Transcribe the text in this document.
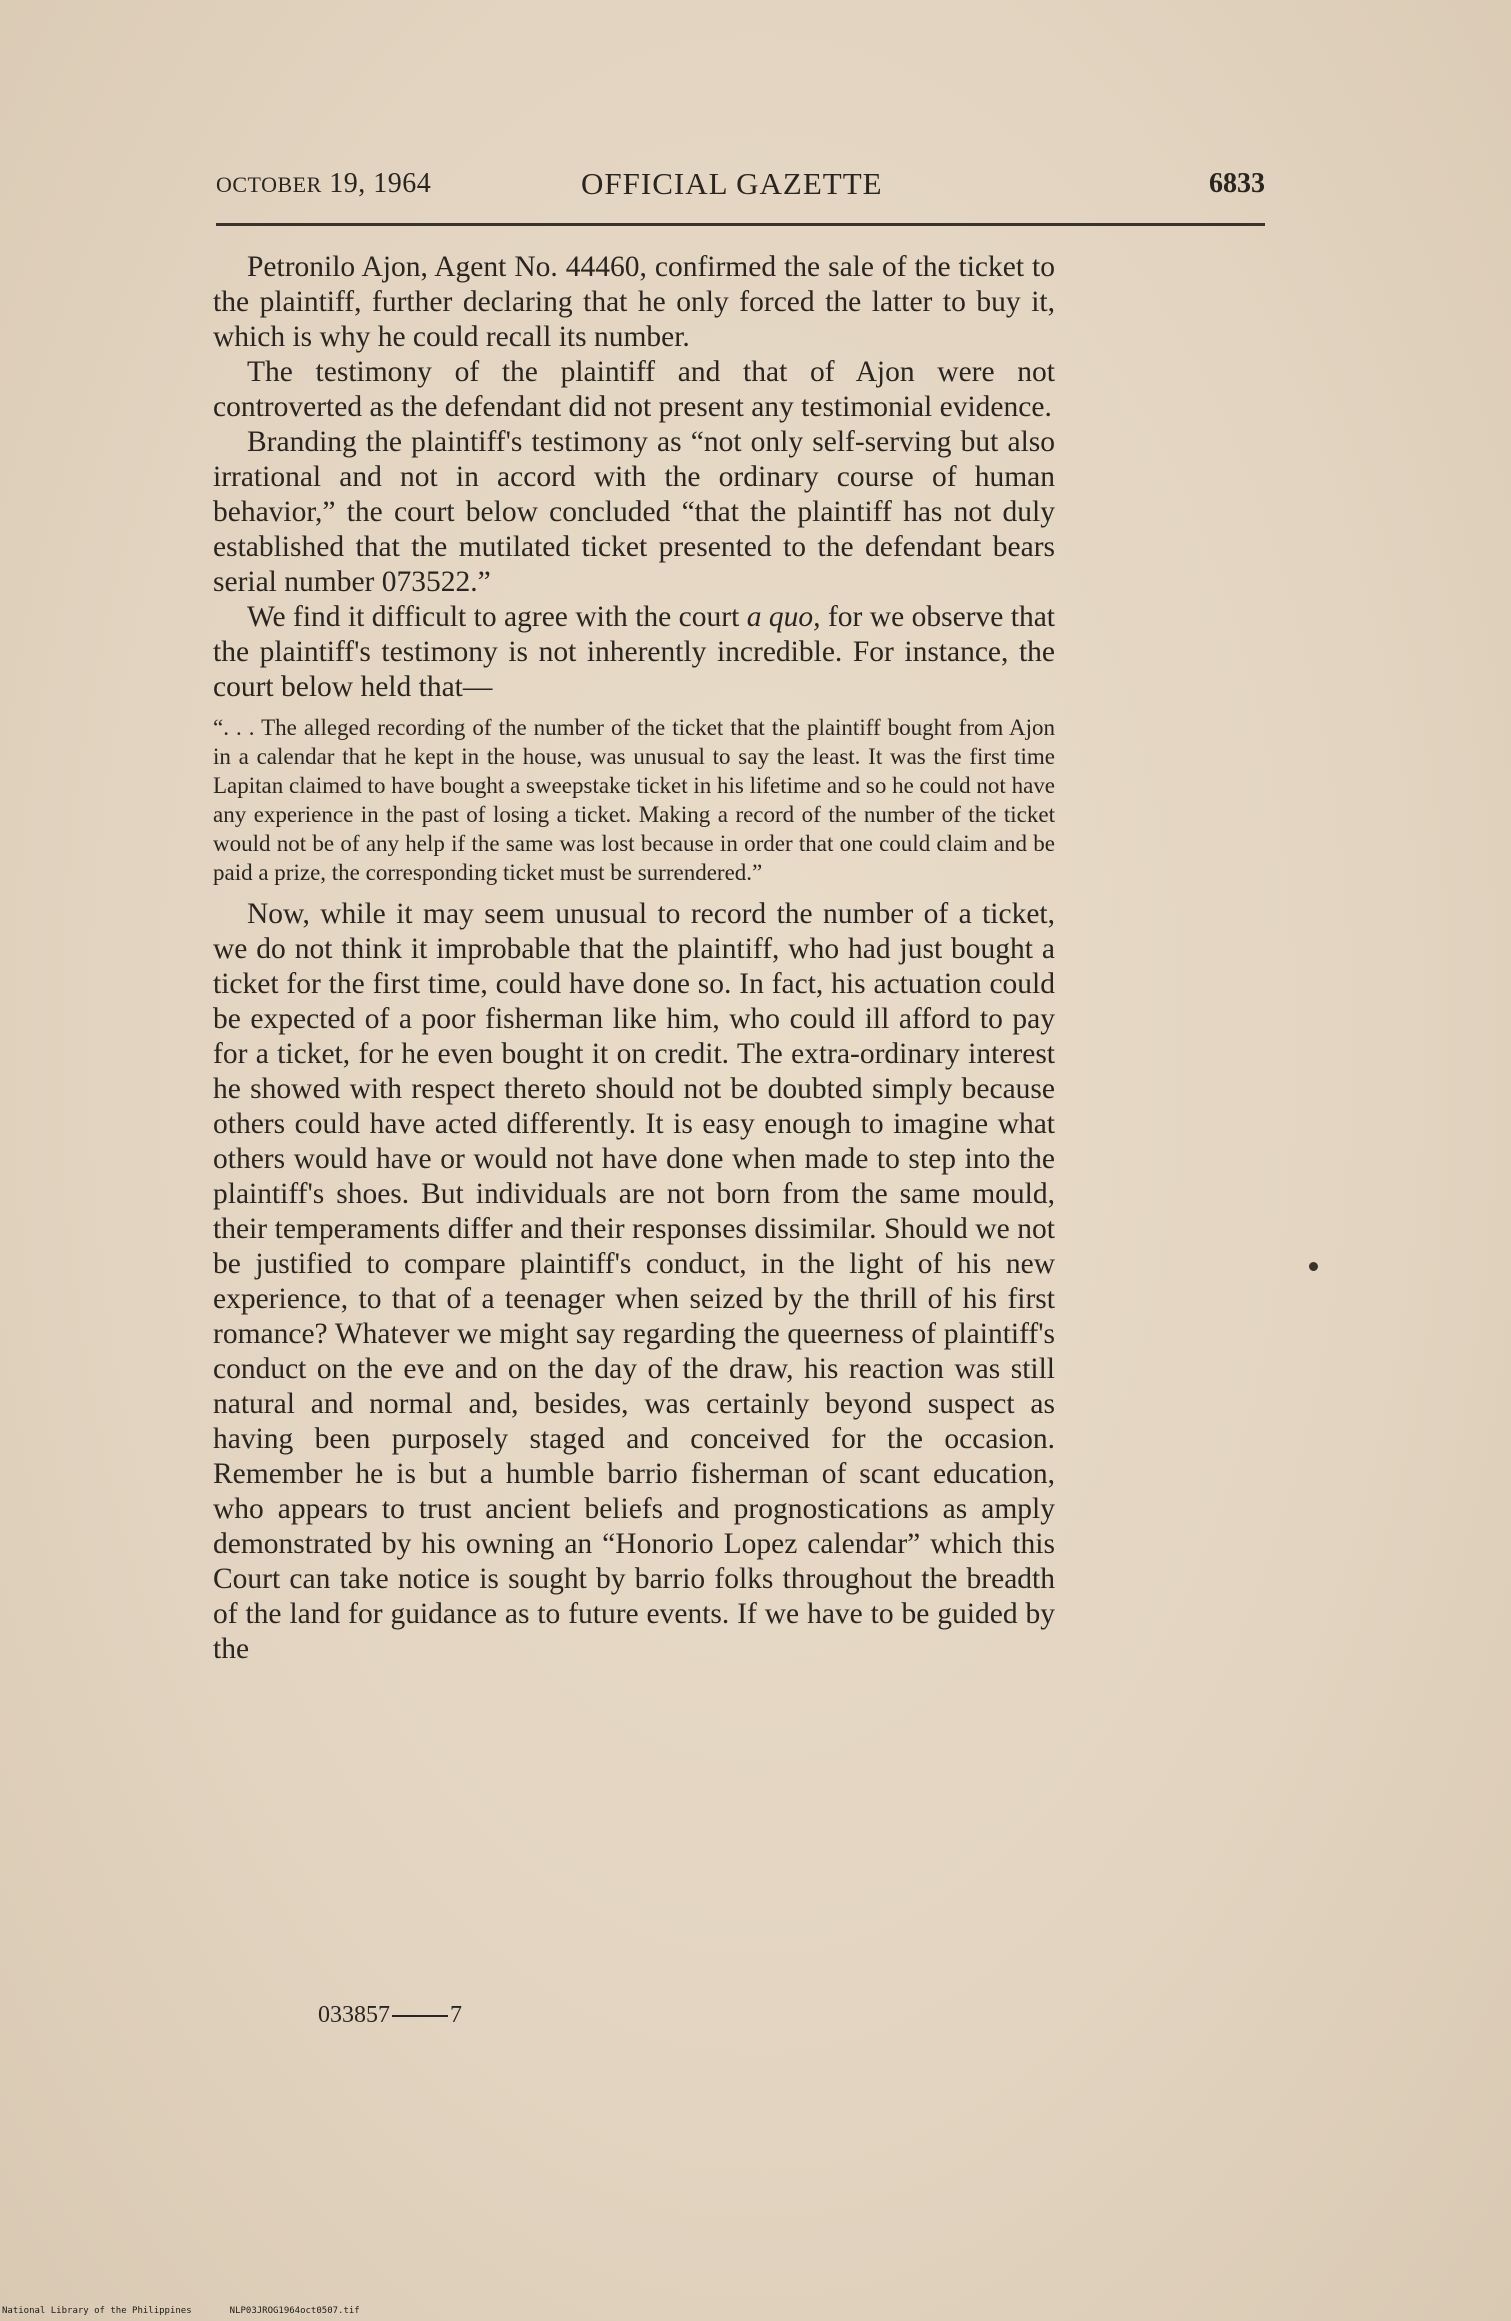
OCTOBER 19, 1964	OFFICIAL GAZETTE	6833

Petronilo Ajon, Agent No. 44460, confirmed the sale of the ticket to the plaintiff, further declaring that he only forced the latter to buy it, which is why he could recall its number.

The testimony of the plaintiff and that of Ajon were not controverted as the defendant did not present any testimonial evidence.

Branding the plaintiff's testimony as “not only self-serving but also irrational and not in accord with the ordinary course of human behavior,” the court below concluded “that the plaintiff has not duly established that the mutilated ticket presented to the defendant bears serial number 073522.”

We find it difficult to agree with the court a quo, for we observe that the plaintiff's testimony is not inherently incredible. For instance, the court below held that—

“. . . The alleged recording of the number of the ticket that the plaintiff bought from Ajon in a calendar that he kept in the house, was unusual to say the least. It was the first time Lapitan claimed to have bought a sweepstake ticket in his lifetime and so he could not have any experience in the past of losing a ticket. Making a record of the number of the ticket would not be of any help if the same was lost because in order that one could claim and be paid a prize, the corresponding ticket must be surrendered.”

Now, while it may seem unusual to record the number of a ticket, we do not think it improbable that the plaintiff, who had just bought a ticket for the first time, could have done so. In fact, his actuation could be expected of a poor fisherman like him, who could ill afford to pay for a ticket, for he even bought it on credit. The extra-ordinary interest he showed with respect thereto should not be doubted simply because others could have acted differently. It is easy enough to imagine what others would have or would not have done when made to step into the plaintiff's shoes. But individuals are not born from the same mould, their temperaments differ and their responses dissimilar. Should we not be justified to compare plaintiff's conduct, in the light of his new experience, to that of a teenager when seized by the thrill of his first romance? Whatever we might say regarding the queerness of plaintiff's conduct on the eve and on the day of the draw, his reaction was still natural and normal and, besides, was certainly beyond suspect as having been purposely staged and conceived for the occasion. Remember he is but a humble barrio fisherman of scant education, who appears to trust ancient beliefs and prognostications as amply demonstrated by his owning an “Honorio Lopez calendar” which this Court can take notice is sought by barrio folks throughout the breadth of the land for guidance as to future events. If we have to be guided by the

033857	7
National Library of the Philippines	NLP03JROG1964oct0507.tif
